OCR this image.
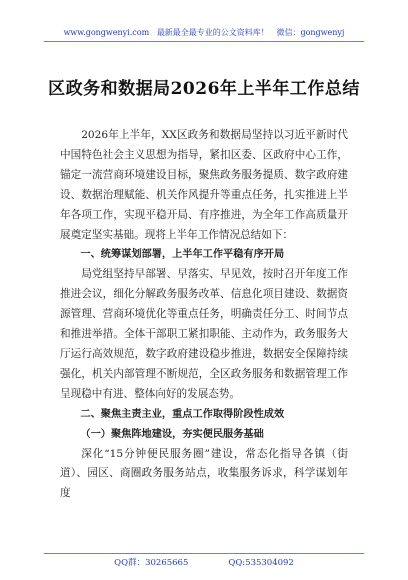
www.gongwenyi.com 最新最全最专业的公文资料库！ 微信：gongwenyj
区政务和数据局2026年上半年工作总结

2026年上半年，XX区政务和数据局坚持以习近平新时代中国特色社会主义思想为指导，紧扣区委、区政府中心工作，锚定一流营商环境建设目标，聚焦政务服务提质、数字政府建设、数据治理赋能、机关作风提升等重点任务，扎实推进上半年各项工作，实现平稳开局、有序推进，为全年工作高质量开展奠定坚实基础。现将上半年工作情况总结如下：

一、统筹谋划部署，上半年工作平稳有序开局

局党组坚持早部署、早落实、早见效，按时召开年度工作推进会议，细化分解政务服务改革、信息化项目建设、数据资源管理、营商环境优化等重点任务，明确责任分工、时间节点和推进举措。全体干部职工紧扣职能、主动作为，政务服务大厅运行高效规范，数字政府建设稳步推进，数据安全保障持续强化，机关内部管理不断规范，全区政务服务和数据管理工作呈现稳中有进、整体向好的发展态势。

二、聚焦主责主业，重点工作取得阶段性成效
（一）聚焦阵地建设，夯实便民服务基础

深化“15分钟便民服务圈”建设，常态化指导各镇（街道）、园区、商圈政务服务站点，收集服务诉求，科学谋划年度

QQ群：30265665	QQ:535304092
